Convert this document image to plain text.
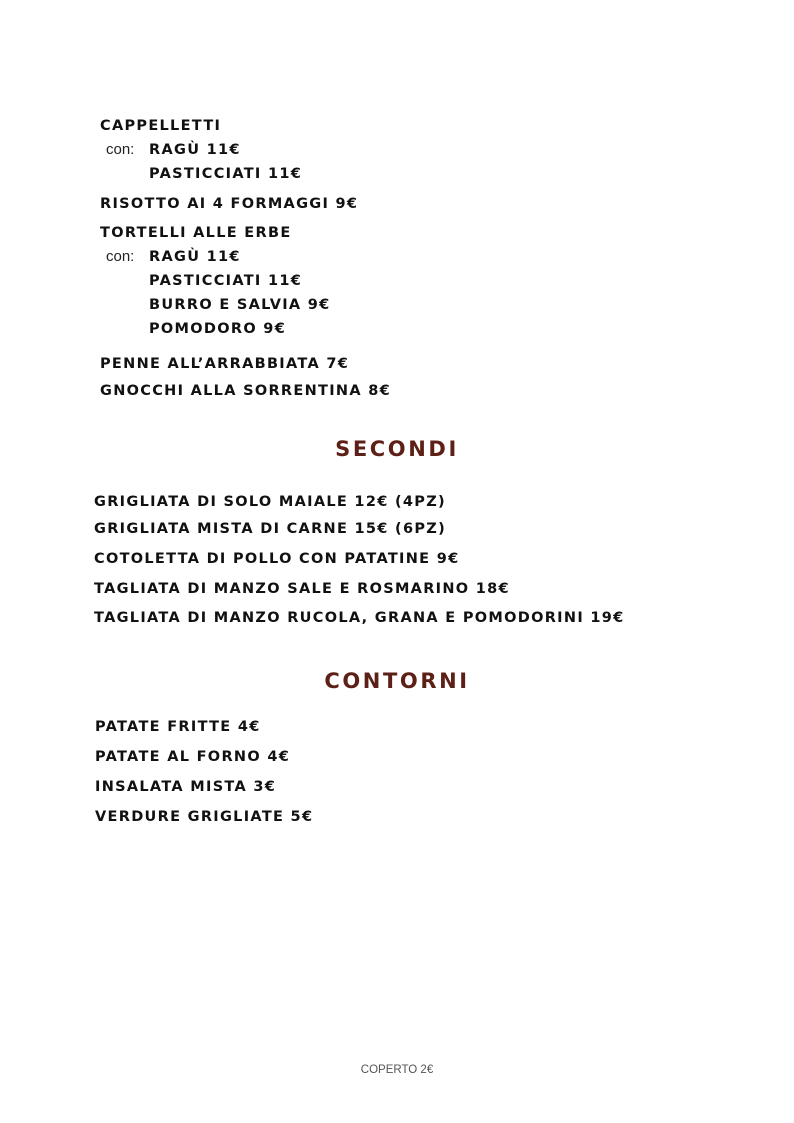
CAPPELLETTI
con: RAGÙ 11€
PASTICCIATI 11€
RISOTTO AI 4 FORMAGGI 9€
TORTELLI ALLE ERBE
con: RAGÙ 11€
PASTICCIATI 11€
BURRO E SALVIA 9€
POMODORO 9€
PENNE ALL’ARRABBIATA 7€
GNOCCHI ALLA SORRENTINA 8€
SECONDI
GRIGLIATA DI SOLO MAIALE 12€ (4PZ)
GRIGLIATA MISTA DI CARNE 15€ (6PZ)
COTOLETTA DI POLLO CON PATATINE 9€
TAGLIATA DI MANZO SALE E ROSMARINO 18€
TAGLIATA DI MANZO RUCOLA, GRANA E POMODORINI 19€
CONTORNI
PATATE FRITTE 4€
PATATE AL FORNO 4€
INSALATA MISTA 3€
VERDURE GRIGLIATE 5€
COPERTO 2€
